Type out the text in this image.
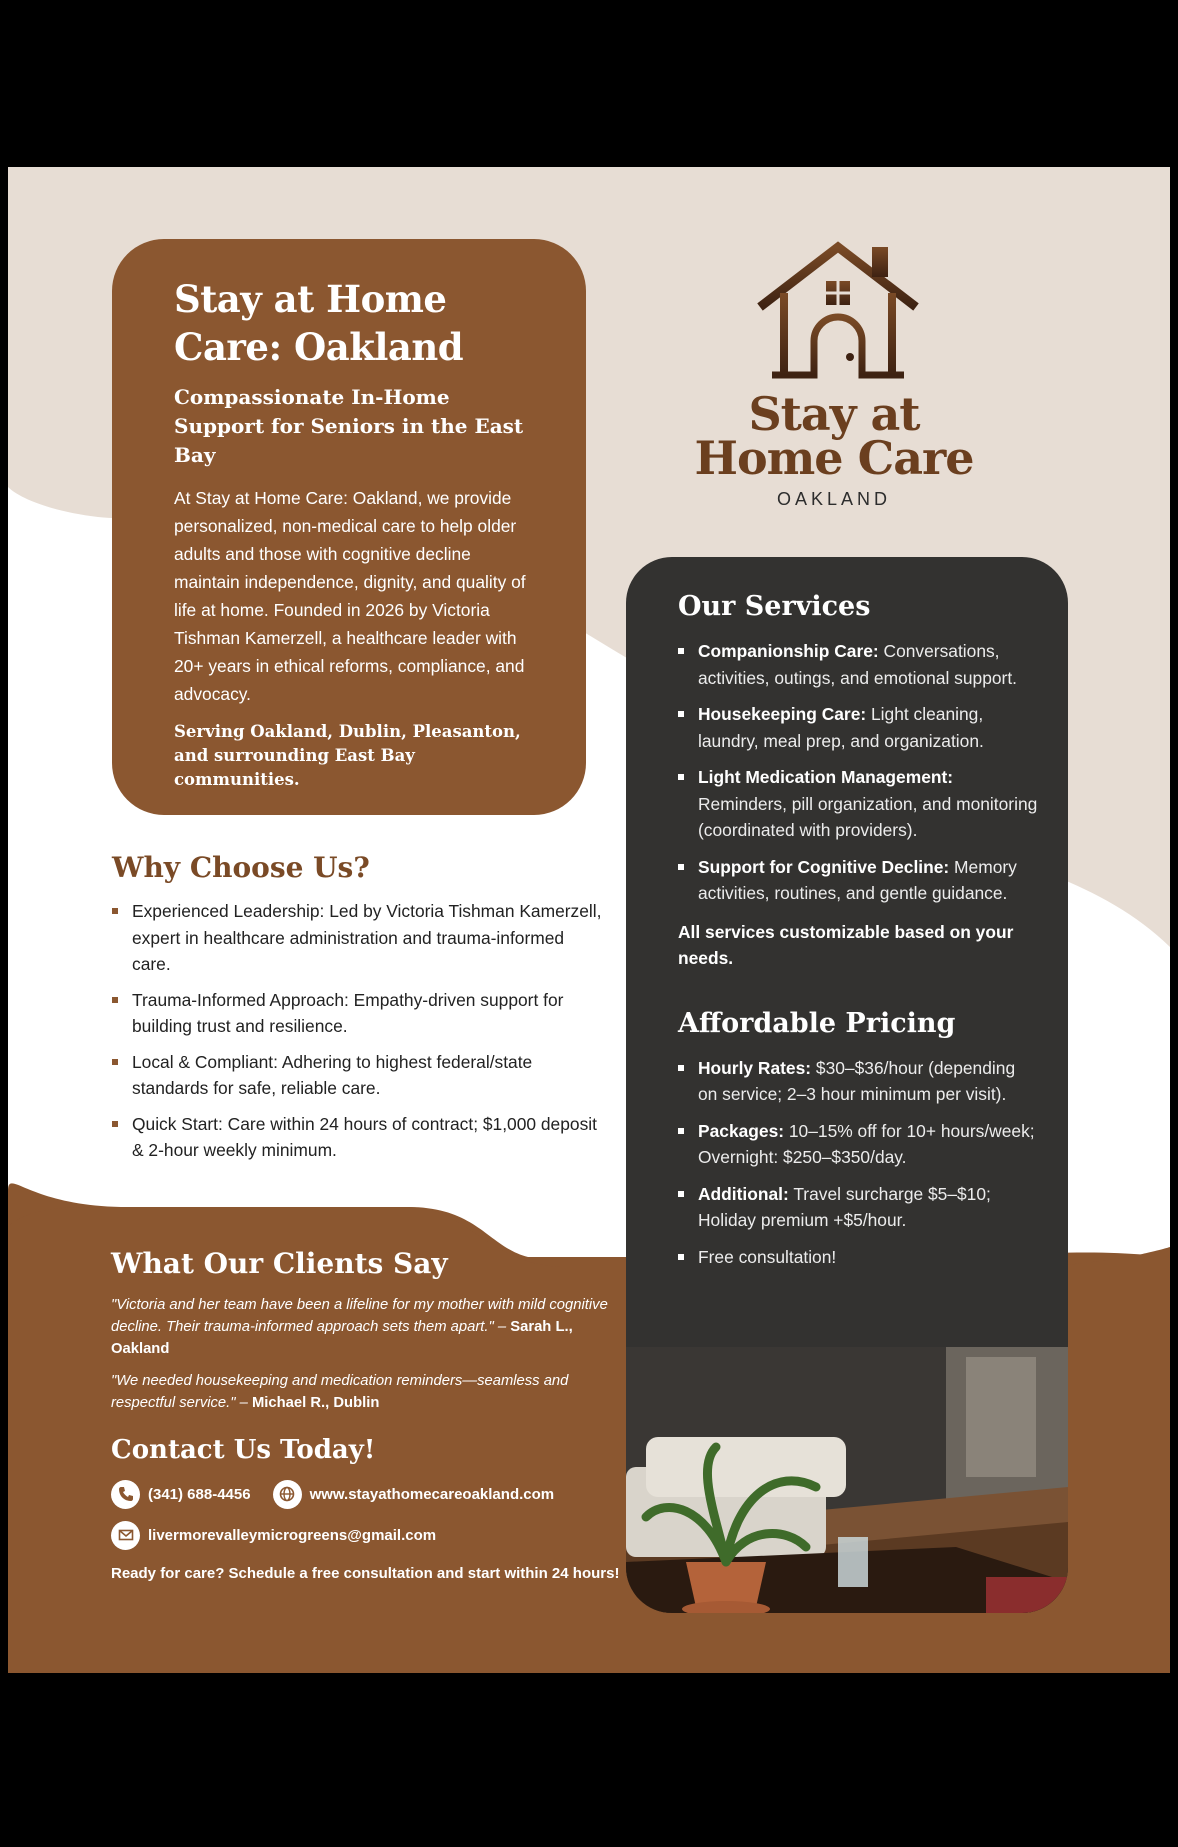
Stay at Home Care: Oakland
Compassionate In-Home Support for Seniors in the East Bay

At Stay at Home Care: Oakland, we provide personalized, non-medical care to help older adults and those with cognitive decline maintain independence, dignity, and quality of life at home. Founded in 2026 by Victoria Tishman Kamerzell, a healthcare leader with 20+ years in ethical reforms, compliance, and advocacy.

Serving Oakland, Dublin, Pleasanton, and surrounding East Bay communities.

Stay at
Home Care
OAKLAND
Why Choose Us?
Experienced Leadership: Led by Victoria Tishman Kamerzell, expert in healthcare administration and trauma-informed care.
Trauma-Informed Approach: Empathy-driven support for building trust and resilience.
Local & Compliant: Adhering to highest federal/state standards for safe, reliable care.
Quick Start: Care within 24 hours of contract; $1,000 deposit & 2-hour weekly minimum.
Our Services
Companionship Care: Conversations, activities, outings, and emotional support.
Housekeeping Care: Light cleaning, laundry, meal prep, and organization.
Light Medication Management: Reminders, pill organization, and monitoring (coordinated with providers).
Support for Cognitive Decline: Memory activities, routines, and gentle guidance.

All services customizable based on your needs.

Affordable Pricing
Hourly Rates: $30–$36/hour (depending on service; 2–3 hour minimum per visit).
Packages: 10–15% off for 10+ hours/week; Overnight: $250–$350/day.
Additional: Travel surcharge $5–$10; Holiday premium +$5/hour.
Free consultation!
What Our Clients Say

"Victoria and her team have been a lifeline for my mother with mild cognitive decline. Their trauma-informed approach sets them apart." – Sarah L., Oakland

"We needed housekeeping and medication reminders—seamless and respectful service." – Michael R., Dublin

Contact Us Today!
(341) 688-4456	www.stayathomecareoakland.com
livermorevalleymicrogreens@gmail.com

Ready for care? Schedule a free consultation and start within 24 hours!
